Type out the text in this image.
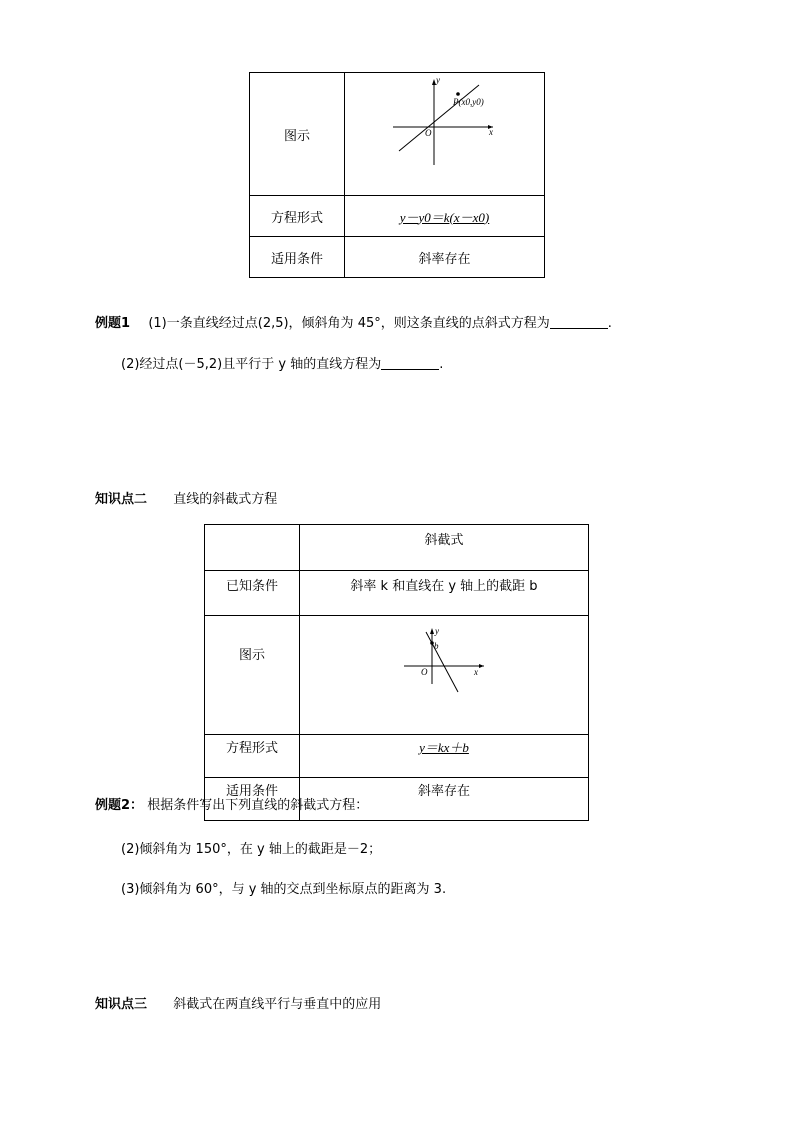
图示	y
x
O
P(x0,y0)

方程形式	y－y0＝k(x－x0)
适用条件	斜率存在
例题1 (1)一条直线经过点(2,5)，倾斜角为 45°，则这条直线的点斜式方程为	.
(2)经过点(－5,2)且平行于 y 轴的直线方程为	.
知识点二 直线的斜截式方程
	斜截式
已知条件	斜率 k 和直线在 y 轴上的截距 b
图示	y
b
x
O

方程形式	y＝kx＋b
适用条件	斜率存在
例题2： 根据条件写出下列直线的斜截式方程：
(2)倾斜角为 150°，在 y 轴上的截距是－2；
(3)倾斜角为 60°，与 y 轴的交点到坐标原点的距离为 3.
知识点三 斜截式在两直线平行与垂直中的应用
